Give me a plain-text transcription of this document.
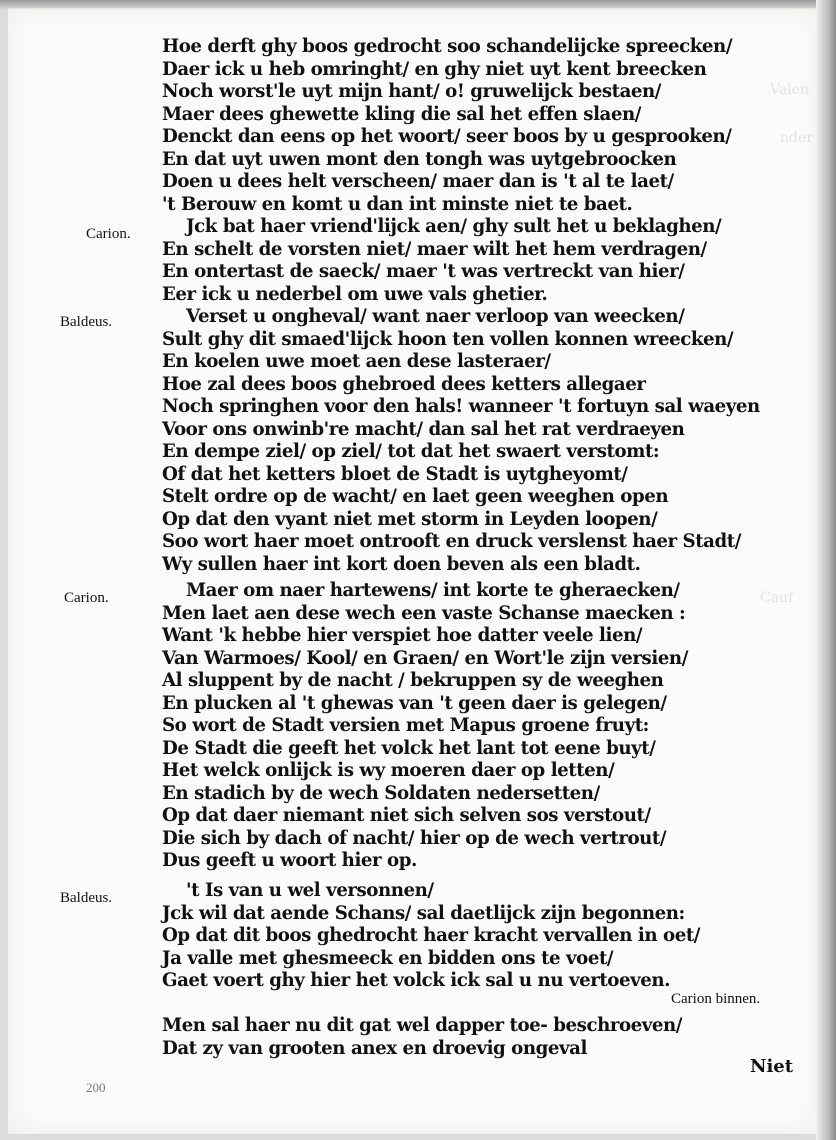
Valen
nder
Cauf
Hoe derft ghy boos gedrocht soo schandelijcke spreecken/
Daer ick u heb omringht/ en ghy niet uyt kent breecken
Noch worst'le uyt mijn hant/ o! gruwelijck bestaen/
Maer dees ghewette kling die sal het effen slaen/
Denckt dan eens op het woort/ seer boos by u gesprooken/
En dat uyt uwen mont den tongh was uytgebroocken
Doen u dees helt verscheen/ maer dan is 't al te laet/
't Berouw en komt u dan int minste niet te baet.
Carion.	Jck bat haer vriend'lijck aen/ ghy sult het u beklaghen/
En schelt de vorsten niet/ maer wilt het hem verdragen/
En ontertast de saeck/ maer 't was vertreckt van hier/
Eer ick u nederbel om uwe vals ghetier.
Baldeus.	Verset u ongheval/ want naer verloop van weecken/
Sult ghy dit smaed'lijck hoon ten vollen konnen wreecken/
En koelen uwe moet aen dese lasteraer/
Hoe zal dees boos ghebroed dees ketters allegaer
Noch springhen voor den hals! wanneer 't fortuyn sal waeyen
Voor ons onwinb're macht/ dan sal het rat verdraeyen
En dempe ziel/ op ziel/ tot dat het swaert verstomt:
Of dat het ketters bloet de Stadt is uytgheyomt/
Stelt ordre op de wacht/ en laet geen weeghen open
Op dat den vyant niet met storm in Leyden loopen/
Soo wort haer moet ontrooft en druck verslenst haer Stadt/
Wy sullen haer int kort doen beven als een bladt.
Carion.	Maer om naer hartewens/ int korte te gheraecken/
Men laet aen dese wech een vaste Schanse maecken :
Want 'k hebbe hier verspiet hoe datter veele lien/
Van Warmoes/ Kool/ en Graen/ en Wort'le zijn versien/
Al sluppent by de nacht / bekruppen sy de weeghen
En plucken al 't ghewas van 't geen daer is gelegen/
So wort de Stadt versien met Mapus groene fruyt:
De Stadt die geeft het volck het lant tot eene buyt/
Het welck onlijck is wy moeren daer op letten/
En stadich by de wech Soldaten nedersetten/
Op dat daer niemant niet sich selven sos verstout/
Die sich by dach of nacht/ hier op de wech vertrout/
Dus geeft u woort hier op.
Baldeus.	't Is van u wel versonnen/
Jck wil dat aende Schans/ sal daetlijck zijn begonnen:
Op dat dit boos ghedrocht haer kracht vervallen in oet/
Ja valle met ghesmeeck en bidden ons te voet/
Gaet voert ghy hier het volck ick sal u nu vertoeven.
Carion binnen.
Men sal haer nu dit gat wel dapper toe- beschroeven/
Dat zy van grooten anex en droevig ongeval
Niet
200
